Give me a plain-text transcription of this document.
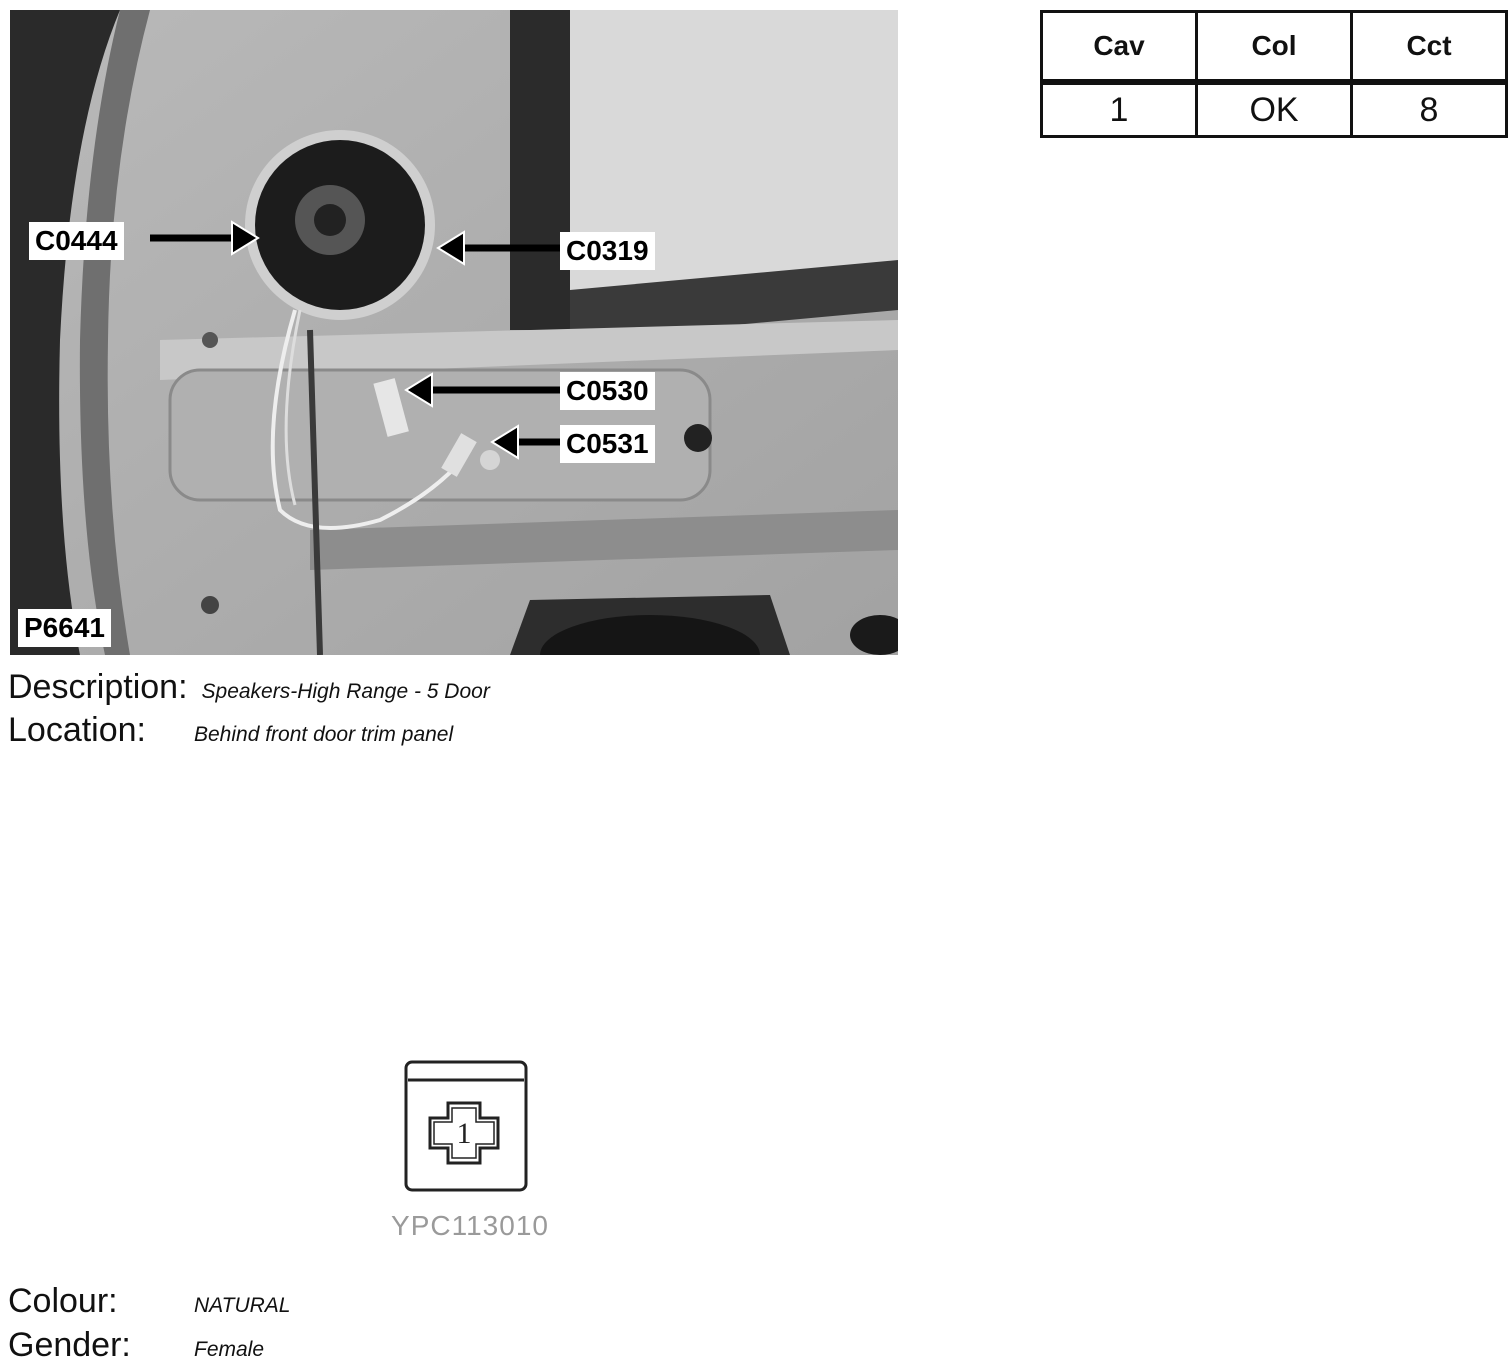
C0444	C0319
C0530
C0531
P6641
Cav	Col	Cct
1	OK	8
Description: Speakers-High Range - 5 Door
Location:	Behind front door trim panel
1
YPC113010
Colour:	NATURAL
Gender:	Female
